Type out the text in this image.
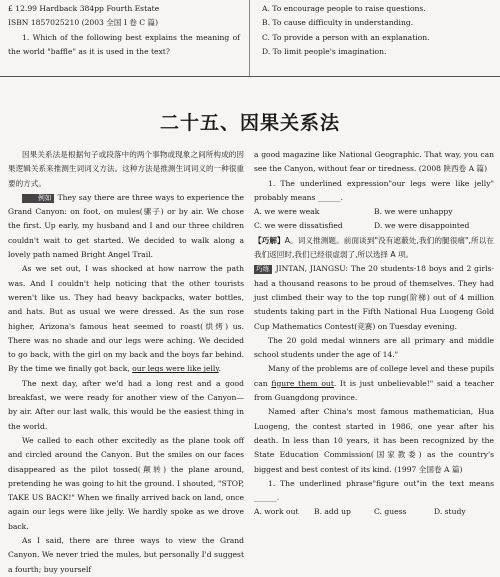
£ 12.99 Hardback 384pp Fourth Estate

ISBN 1857025210 (2003 全国 I 卷 C 篇)

1. Which of the following best explains the meaning of the world "baffle" as it is used in the text?

A. To encourage people to raise questions.

B. To cause difficulty in understanding.

C. To provide a person with an explanation.

D. To limit people's imagination.

二十五、因果关系法

因果关系法是根据句子或段落中的两个事物或现象之间所构成的因果逻辑关系来推测生词词义方法。这种方法是推测生词词义的一种很重要的方式。

例如 They say there are three ways to experience the Grand Canyon: on foot, on mules(骡子) or by air. We chose the first. Up early, my husband and I and our three children couldn't wait to get started. We decided to walk along a lovely path named Bright Angel Trail.

As we set out, I was shocked at how narrow the path was. And I couldn't help noticing that the other tourists weren't like us. They had heavy backpacks, water bottles, and hats. But as usual we were dressed. As the sun rose higher, Arizona's famous heat seemed to roast(烘烤) us. There was no shade and our legs were aching. We decided to go back, with the girl on my back and the boys far behind. By the time we finally got back, our legs were like jelly.

The next day, after we'd had a long rest and a good breakfast, we were ready for another view of the Canyon—by air. After our last walk, this would be the easiest thing in the world.

We called to each other excitedly as the plane took off and circled around the Canyon. But the smiles on our faces disappeared as the pilot tossed(颠转) the plane around, pretending he was going to hit the ground. I shouted, "STOP, TAKE US BACK!" When we finally arrived back on land, once again our legs were like jelly. We hardly spoke as we drove back.

As I said, there are three ways to view the Grand Canyon. We never tried the mules, but personally I'd suggest a fourth; buy yourself

a good magazine like National Geographic. That way, you can see the Canyon, without fear or tiredness. (2008 陕西卷 A 篇)

1. The underlined expression"our legs were like jelly" probably means ______.

A. we were weak	B. we were unhappy
C. we were dissatisfied	D. we were disappointed

【巧解】A。词义推测题。前面谈到"没有遮蔽处,我们的腿很痛",所以在我们返回时,我们已经很虚弱了,所以选择 A 项。

巧练 JINTAN, JIANGSU: The 20 students-18 boys and 2 girls-had a thousand reasons to be proud of themselves. They had just climbed their way to the top rung(阶梯) out of 4 million students taking part in the Fifth National Hua Luogeng Gold Cup Mathematics Contest(竞赛) on Tuesday evening.

The 20 gold medal winners are all primary and middle school students under the age of 14."

Many of the problems are of college level and these pupils can figure them out. It is just unbelievable!" said a teacher from Guangdong province.

Named after China's most famous mathematician, Hua Luogeng, the contest started in 1986, one year after his death. In less than 10 years, it has been recognized by the State Education Commission(国家教委) as the country's biggest and best contest of its kind. (1997 全国卷 A 篇)

1. The underlined phrase"figure out"in the text means ______.

A. work out	B. add up	C. guess	D. study
